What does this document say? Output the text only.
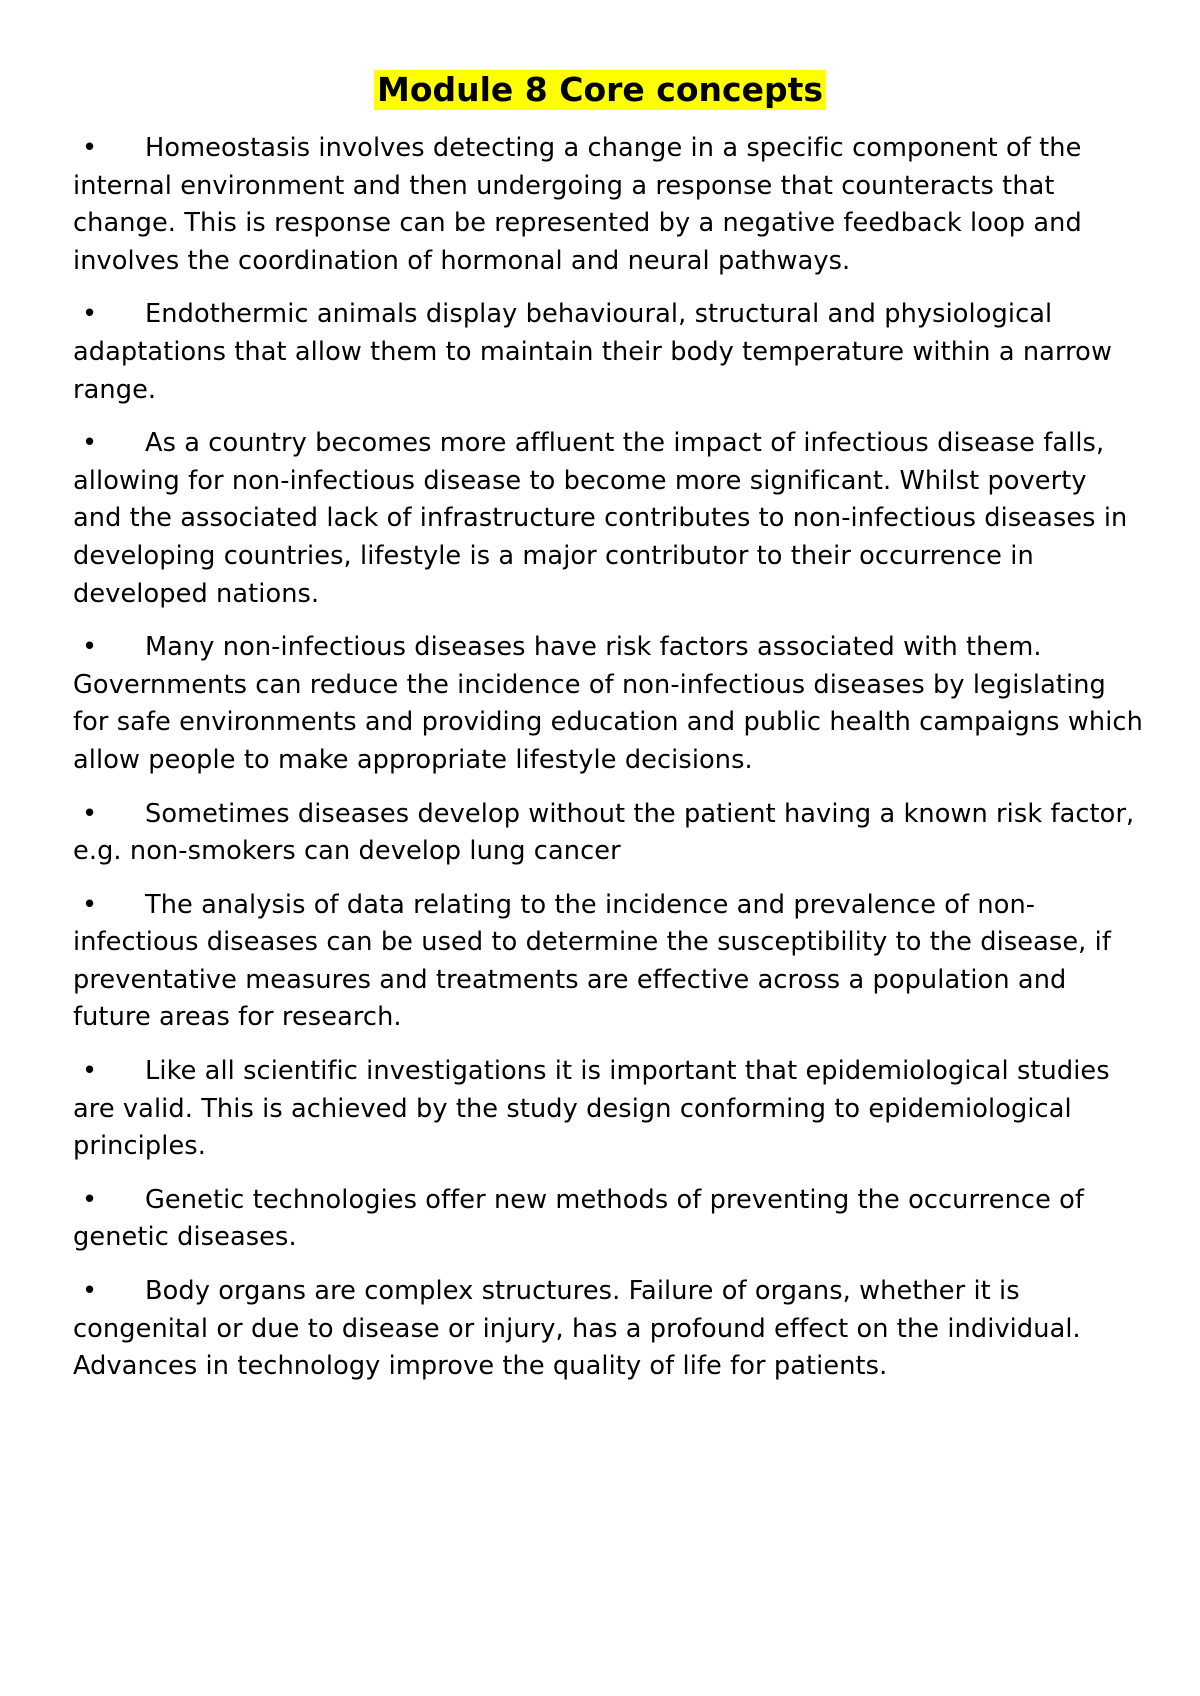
Module 8 Core concepts
• Homeostasis involves detecting a change in a specific component of the internal environment and then undergoing a response that counteracts that change. This is response can be represented by a negative feedback loop and involves the coordination of hormonal and neural pathways.
• Endothermic animals display behavioural, structural and physiological adaptations that allow them to maintain their body temperature within a narrow range.
• As a country becomes more affluent the impact of infectious disease falls, allowing for non-infectious disease to become more significant. Whilst poverty and the associated lack of infrastructure contributes to non-infectious diseases in developing countries, lifestyle is a major contributor to their occurrence in developed nations.
• Many non-infectious diseases have risk factors associated with them. Governments can reduce the incidence of non-infectious diseases by legislating for safe environments and providing education and public health campaigns which allow people to make appropriate lifestyle decisions.
• Sometimes diseases develop without the patient having a known risk factor, e.g. non-smokers can develop lung cancer
• The analysis of data relating to the incidence and prevalence of non-infectious diseases can be used to determine the susceptibility to the disease, if preventative measures and treatments are effective across a population and future areas for research.
• Like all scientific investigations it is important that epidemiological studies are valid. This is achieved by the study design conforming to epidemiological principles.
• Genetic technologies offer new methods of preventing the occurrence of genetic diseases.
• Body organs are complex structures. Failure of organs, whether it is congenital or due to disease or injury, has a profound effect on the individual. Advances in technology improve the quality of life for patients.
